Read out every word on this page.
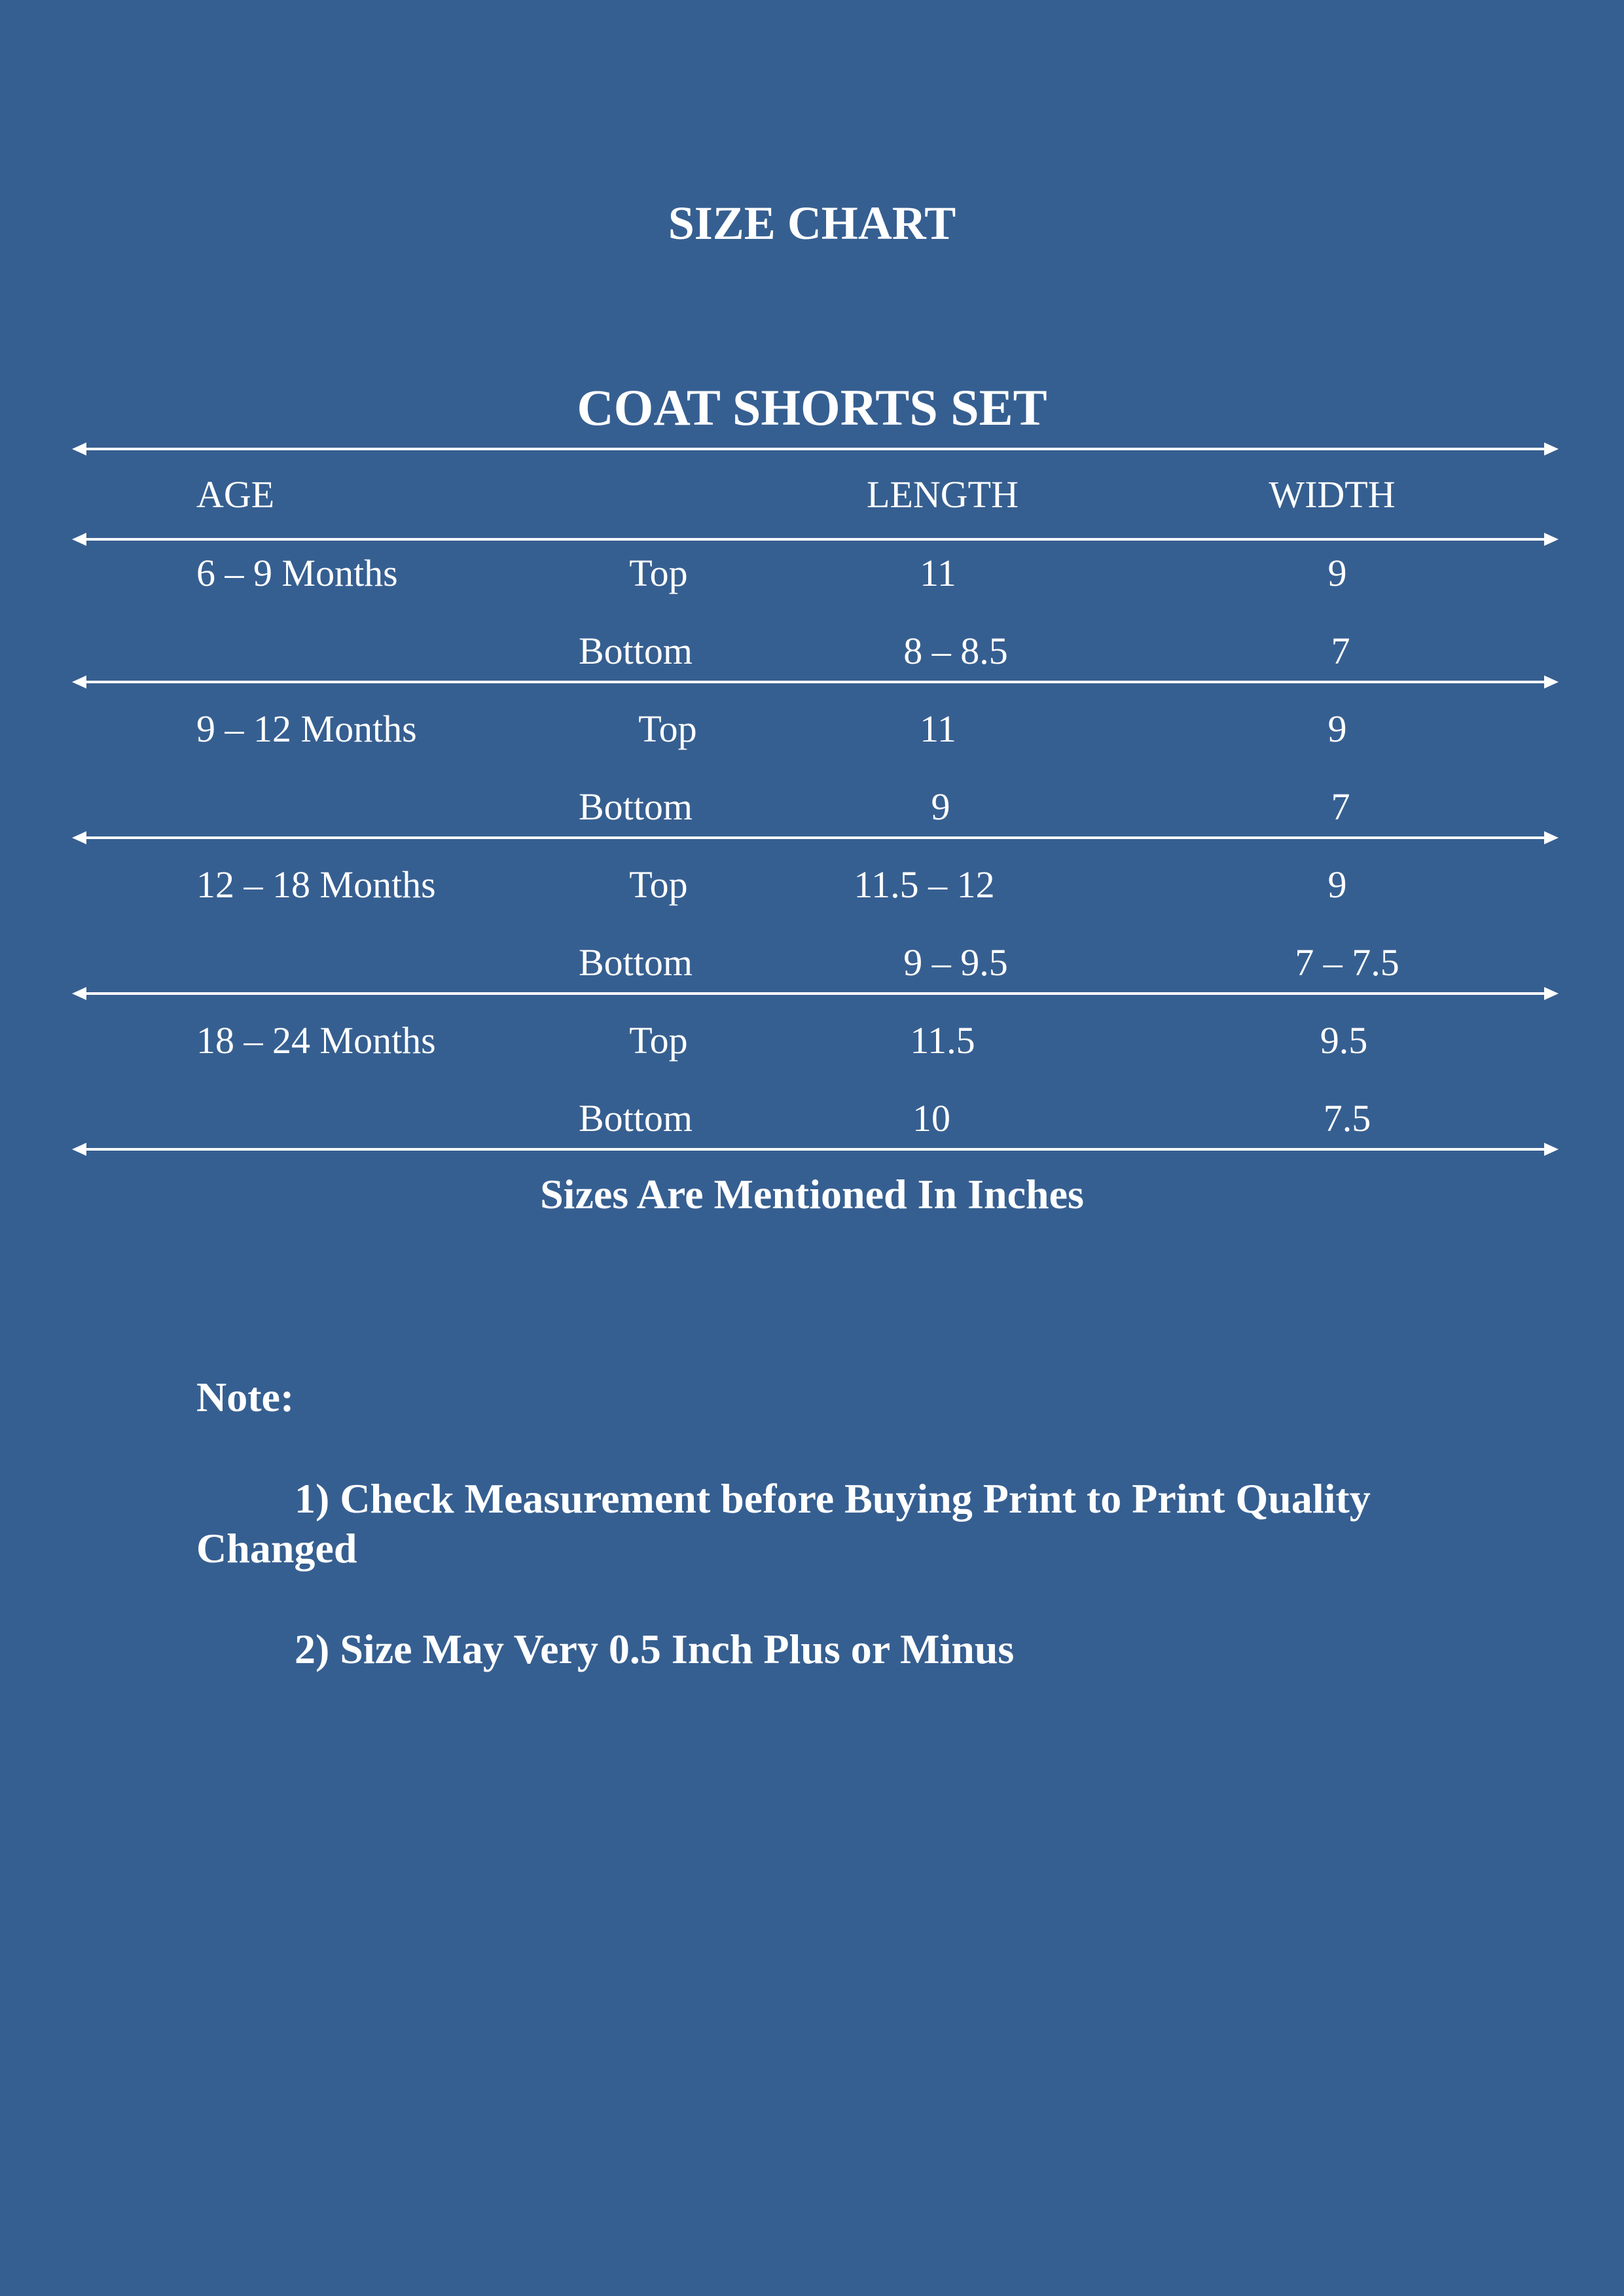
SIZE CHART
COAT SHORTS SET
AGE	LENGTH	WIDTH
6 – 9 Months	Top	11	9
Bottom	8 – 8.5	7
9 – 12 Months	Top	11	9
Bottom	9	7
12 – 18 Months	Top	11.5 – 12	9
Bottom	9 – 9.5	7 – 7.5
18 – 24 Months	Top	11.5	9.5
Bottom	10	7.5
Sizes Are Mentioned In Inches
Note:
1) Check Measurement before Buying Print to Print Quality Changed
2) Size May Very 0.5 Inch Plus or Minus
